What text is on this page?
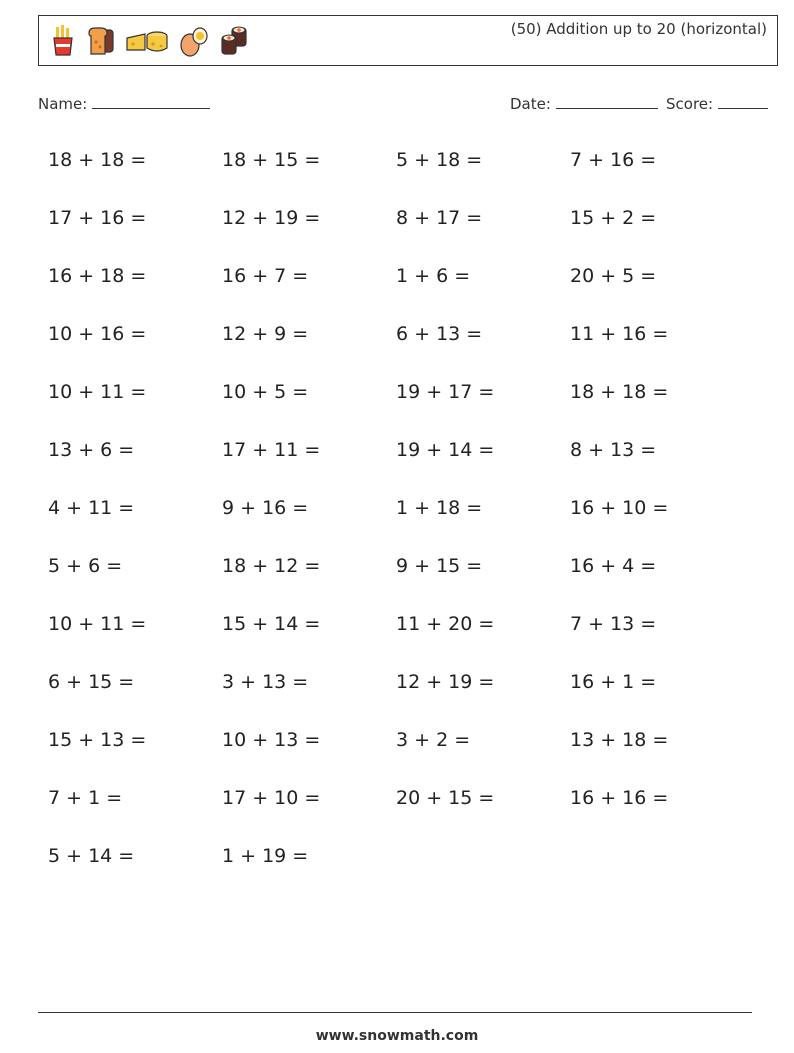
(50) Addition up to 20 (horizontal)
Name:	Date:	Score:
18 + 18 =	18 + 15 =	5 + 18 =	7 + 16 =
17 + 16 =	12 + 19 =	8 + 17 =	15 + 2 =
16 + 18 =	16 + 7 =	1 + 6 =	20 + 5 =
10 + 16 =	12 + 9 =	6 + 13 =	11 + 16 =
10 + 11 =	10 + 5 =	19 + 17 =	18 + 18 =
13 + 6 =	17 + 11 =	19 + 14 =	8 + 13 =
4 + 11 =	9 + 16 =	1 + 18 =	16 + 10 =
5 + 6 =	18 + 12 =	9 + 15 =	16 + 4 =
10 + 11 =	15 + 14 =	11 + 20 =	7 + 13 =
6 + 15 =	3 + 13 =	12 + 19 =	16 + 1 =
15 + 13 =	10 + 13 =	3 + 2 =	13 + 18 =
7 + 1 =	17 + 10 =	20 + 15 =	16 + 16 =
5 + 14 =	1 + 19 =
www.snowmath.com
